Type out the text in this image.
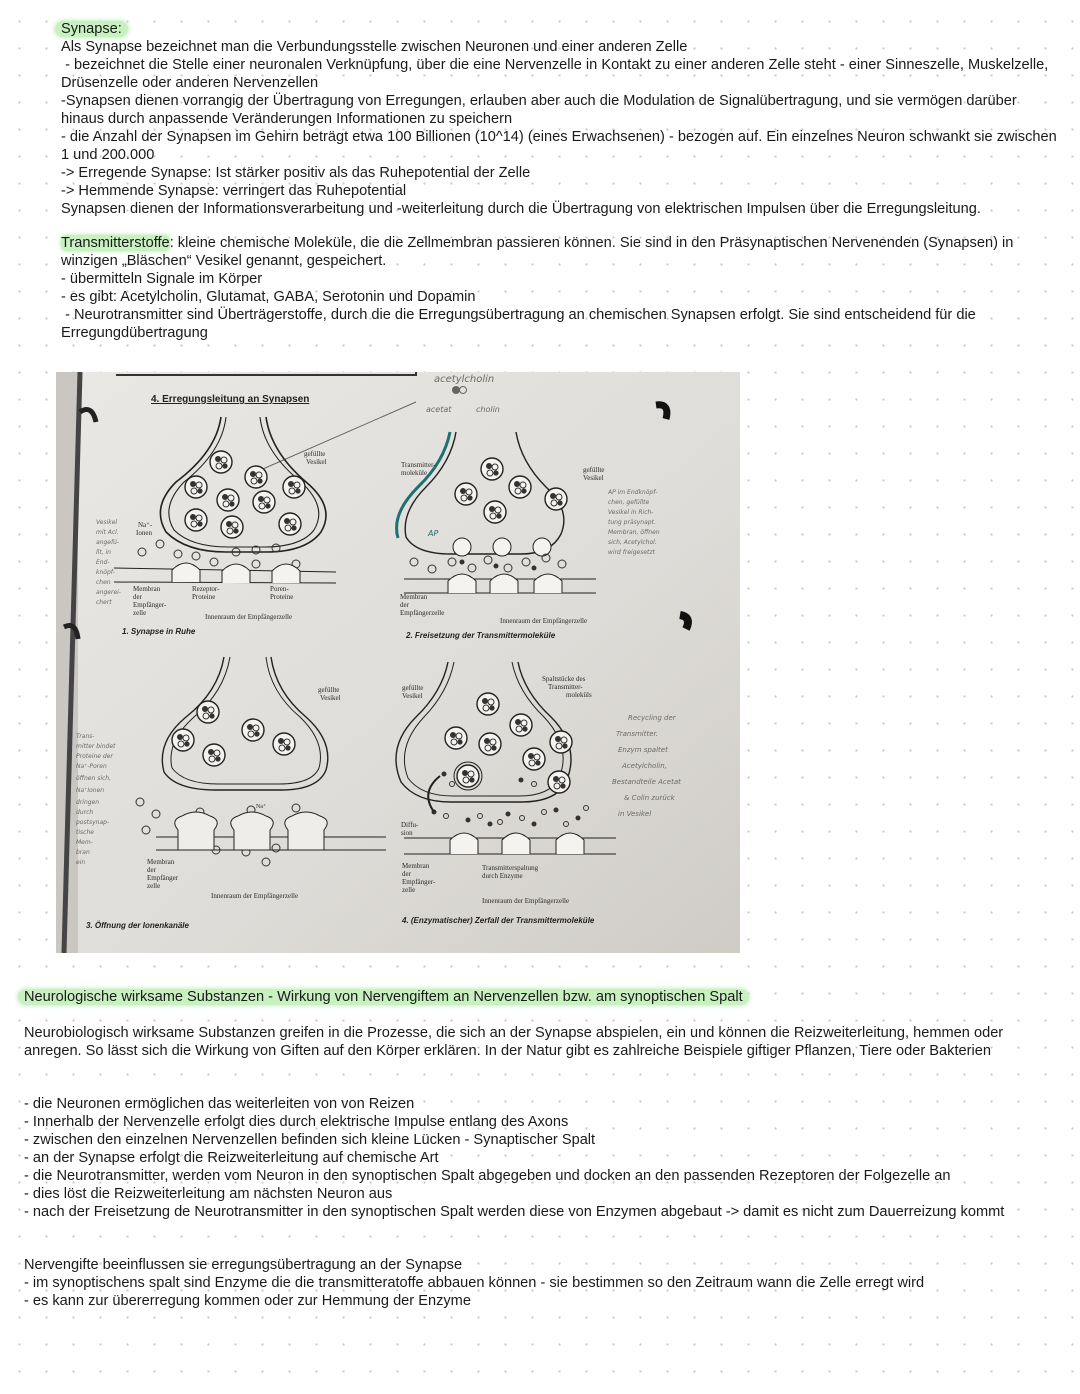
Synapse:

Als Synapse bezeichnet man die Verbundungsstelle zwischen Neuronen und einer anderen Zelle

- bezeichnet die Stelle einer neuronalen Verknüpfung, über die eine Nervenzelle in Kontakt zu einer anderen Zelle steht - einer Sinneszelle, Muskelzelle, Drüsenzelle oder anderen Nervenzellen

-Synapsen dienen vorrangig der Übertragung von Erregungen, erlauben aber auch die Modulation de Signalübertragung, und sie vermögen darüber hinaus durch anpassende Veränderungen Informationen zu speichern

- die Anzahl der Synapsen im Gehirn beträgt etwa 100 Billionen (10^14) (eines Erwachsenen) - bezogen auf. Ein einzelnes Neuron schwankt sie zwischen 1 und 200.000

-> Erregende Synapse: Ist stärker positiv als das Ruhepotential der Zelle

-> Hemmende Synapse: verringert das Ruhepotential

Synapsen dienen der Informationsverarbeitung und -weiterleitung durch die Übertragung von elektrischen Impulsen über die Erregungsleitung.

Transmitterstoffe: kleine chemische Moleküle, die die Zellmembran passieren können. Sie sind in den Präsynaptischen Nervenenden (Synapsen) in winzigen „Bläschen“ Vesikel genannt, gespeichert.

- übermitteln Signale im Körper

- es gibt: Acetylcholin, Glutamat, GABA, Serotonin und Dopamin

- Neurotransmitter sind Überträgerstoffe, durch die die Erregungsübertragung an chemischen Synapsen erfolgt. Sie sind entscheidend für die Erregungdübertragung

4. Erregungsleitung an Synapsen
acetylcholin
acetat	cholin
gefüllte
Vesikel
Na⁺-
Ionen
Membran
der
Empfänger-
zelle
Rezeptor-
Proteine
Poren-
Proteine
Innenraum der Empfängerzelle
1. Synapse in Ruhe
Vesikel
mit Acl.
angefü-
llt, in
End-
knöpf-
chen
angerei-
chert
Transmitter-
moleküle	gefüllte
Vesikel
AP
Membran
der
Empfängerzelle
Innenraum der Empfängerzelle
2. Freisetzung der Transmittermoleküle
AP im Endknöpf-
chen, gefüllte
Vesikel in Rich-
tung präsynapt.
Membran, öffnen
sich, Acetylchol.
wird freigesetzt
gefüllte
Vesikel
Na⁺
Membran
der
Empfänger
zelle
Innenraum der Empfängerzelle
3. Öffnung der Ionenkanäle
Trans-
mitter bindet
Proteine der
Na⁺-Poren
öffnen sich,
Na⁺Ionen
dringen
durch
postsynap-
tische
Mem-
bran
ein
gefüllte
Vesikel
Spaltstücke des
Transmitter-
moleküls
Diffu-
sion
Membran
der
Empfänger-
zelle
Transmitterspaltung
durch Enzyme
Innenraum der Empfängerzelle
4. (Enzymatischer) Zerfall der Transmittermoleküle
Recycling der
Transmitter.
Enzym spaltet
Acetylcholin,
Bestandteile Acetat
& Colin zurück
in Vesikel

Neurologische wirksame Substanzen - Wirkung von Nervengiftem an Nervenzellen bzw. am synoptischen Spalt

Neurobiologisch wirksame Substanzen greifen in die Prozesse, die sich an der Synapse abspielen, ein und können die Reizweiterleitung, hemmen oder anregen. So lässt sich die Wirkung von Giften auf den Körper erklären. In der Natur gibt es zahlreiche Beispiele giftiger Pflanzen, Tiere oder Bakterien

- die Neuronen ermöglichen das weiterleiten von von Reizen

- Innerhalb der Nervenzelle erfolgt dies durch elektrische Impulse entlang des Axons

- zwischen den einzelnen Nervenzellen befinden sich kleine Lücken - Synaptischer Spalt

- an der Synapse erfolgt die Reizweiterleitung auf chemische Art

- die Neurotransmitter, werden vom Neuron in den synoptischen Spalt abgegeben und docken an den passenden Rezeptoren der Folgezelle an

- dies löst die Reizweiterleitung am nächsten Neuron aus

- nach der Freisetzung de Neurotransmitter in den synoptischen Spalt werden diese von Enzymen abgebaut -> damit es nicht zum Dauerreizung kommt

Nervengifte beeinflussen sie erregungsübertragung an der Synapse

- im synoptischens spalt sind Enzyme die die transmitteratoffe abbauen können - sie bestimmen so den Zeitraum wann die Zelle erregt wird

- es kann zur übererregung kommen oder zur Hemmung der Enzyme
